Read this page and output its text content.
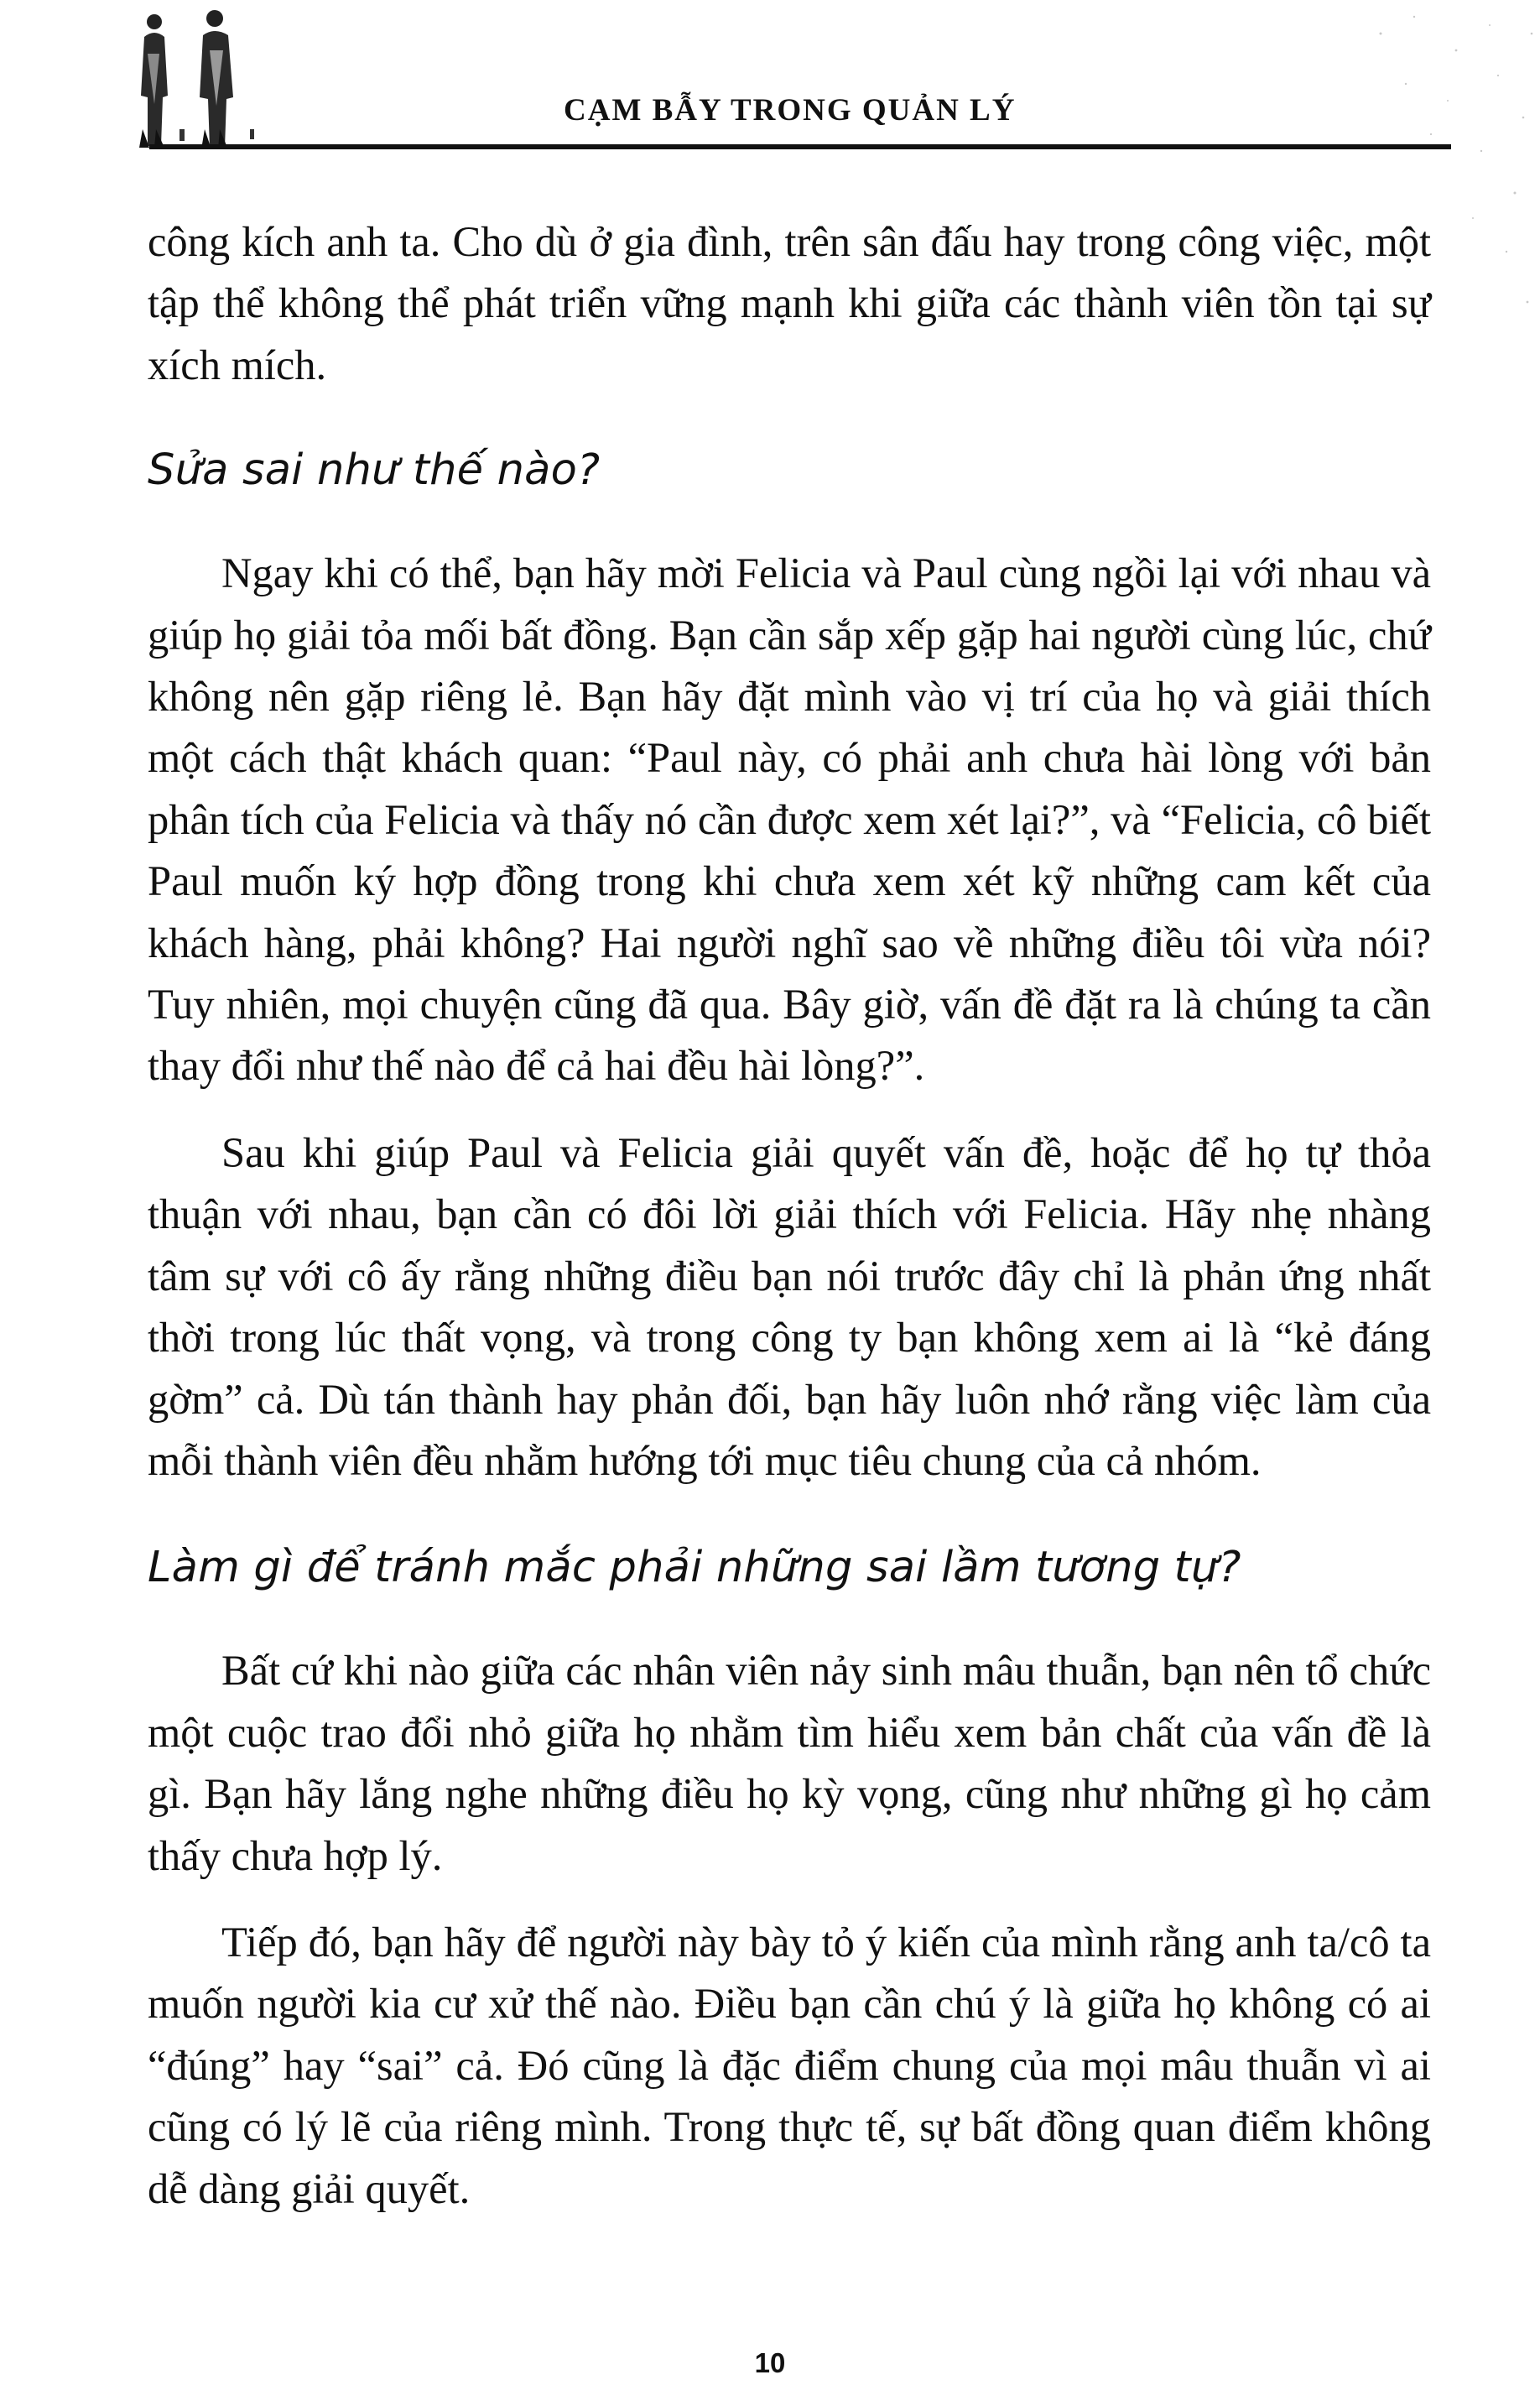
CẠM BẪY TRONG QUẢN LÝ

công kích anh ta. Cho dù ở gia đình, trên sân đấu hay trong công việc, một tập thể không thể phát triển vững mạnh khi giữa các thành viên tồn tại sự xích mích.

Sửa sai như thế nào?

Ngay khi có thể, bạn hãy mời Felicia và Paul cùng ngồi lại với nhau và giúp họ giải tỏa mối bất đồng. Bạn cần sắp xếp gặp hai người cùng lúc, chứ không nên gặp riêng lẻ. Bạn hãy đặt mình vào vị trí của họ và giải thích một cách thật khách quan: “Paul này, có phải anh chưa hài lòng với bản phân tích của Felicia và thấy nó cần được xem xét lại?”, và “Felicia, cô biết Paul muốn ký hợp đồng trong khi chưa xem xét kỹ những cam kết của khách hàng, phải không? Hai người nghĩ sao về những điều tôi vừa nói? Tuy nhiên, mọi chuyện cũng đã qua. Bây giờ, vấn đề đặt ra là chúng ta cần thay đổi như thế nào để cả hai đều hài lòng?”.

Sau khi giúp Paul và Felicia giải quyết vấn đề, hoặc để họ tự thỏa thuận với nhau, bạn cần có đôi lời giải thích với Felicia. Hãy nhẹ nhàng tâm sự với cô ấy rằng những điều bạn nói trước đây chỉ là phản ứng nhất thời trong lúc thất vọng, và trong công ty bạn không xem ai là “kẻ đáng gờm” cả. Dù tán thành hay phản đối, bạn hãy luôn nhớ rằng việc làm của mỗi thành viên đều nhằm hướng tới mục tiêu chung của cả nhóm.

Làm gì để tránh mắc phải những sai lầm tương tự?

Bất cứ khi nào giữa các nhân viên nảy sinh mâu thuẫn, bạn nên tổ chức một cuộc trao đổi nhỏ giữa họ nhằm tìm hiểu xem bản chất của vấn đề là gì. Bạn hãy lắng nghe những điều họ kỳ vọng, cũng như những gì họ cảm thấy chưa hợp lý.

Tiếp đó, bạn hãy để người này bày tỏ ý kiến của mình rằng anh ta/cô ta muốn người kia cư xử thế nào. Điều bạn cần chú ý là giữa họ không có ai “đúng” hay “sai” cả. Đó cũng là đặc điểm chung của mọi mâu thuẫn vì ai cũng có lý lẽ của riêng mình. Trong thực tế, sự bất đồng quan điểm không dễ dàng giải quyết.

10
